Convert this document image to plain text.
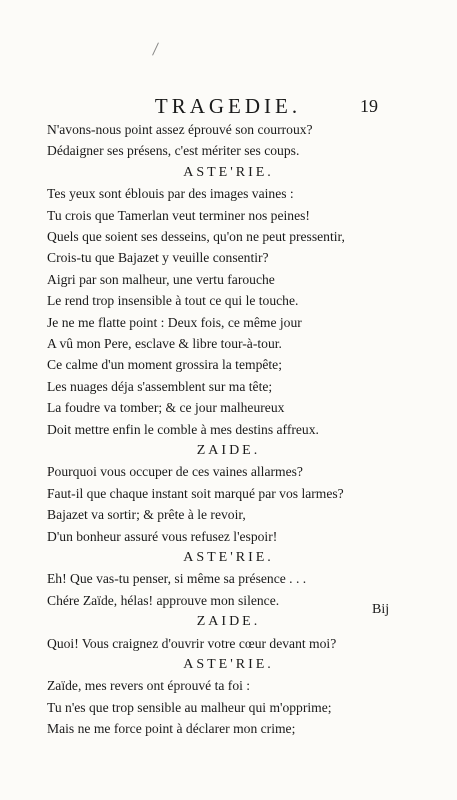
TRAGEDIE.	19
N'avons-nous point assez éprouvé son courroux?
Dédaigner ses présens, c'est mériter ses coups.
ASTE'RIE.
Tes yeux sont éblouis par des images vaines :
Tu crois que Tamerlan veut terminer nos peines!
Quels que soient ses desseins, qu'on ne peut pressentir,
Crois-tu que Bajazet y veuille consentir?
Aigri par son malheur, une vertu farouche
Le rend trop insensible à tout ce qui le touche.
Je ne me flatte point : Deux fois, ce même jour
A vû mon Pere, esclave & libre tour-à-tour.
Ce calme d'un moment grossira la tempête;
Les nuages déja s'assemblent sur ma tête;
La foudre va tomber; & ce jour malheureux
Doit mettre enfin le comble à mes destins affreux.
ZAIDE.
Pourquoi vous occuper de ces vaines allarmes?
Faut-il que chaque instant soit marqué par vos larmes?
Bajazet va sortir; & prête à le revoir,
D'un bonheur assuré vous refusez l'espoir!
ASTE'RIE.
Eh! Que vas-tu penser, si même sa présence . . .
Chére Zaïde, hélas! approuve mon silence.
ZAIDE.
Quoi! Vous craignez d'ouvrir votre cœur devant moi?
ASTE'RIE.
Zaïde, mes revers ont éprouvé ta foi :
Tu n'es que trop sensible au malheur qui m'opprime;
Mais ne me force point à déclarer mon crime;
Bij
